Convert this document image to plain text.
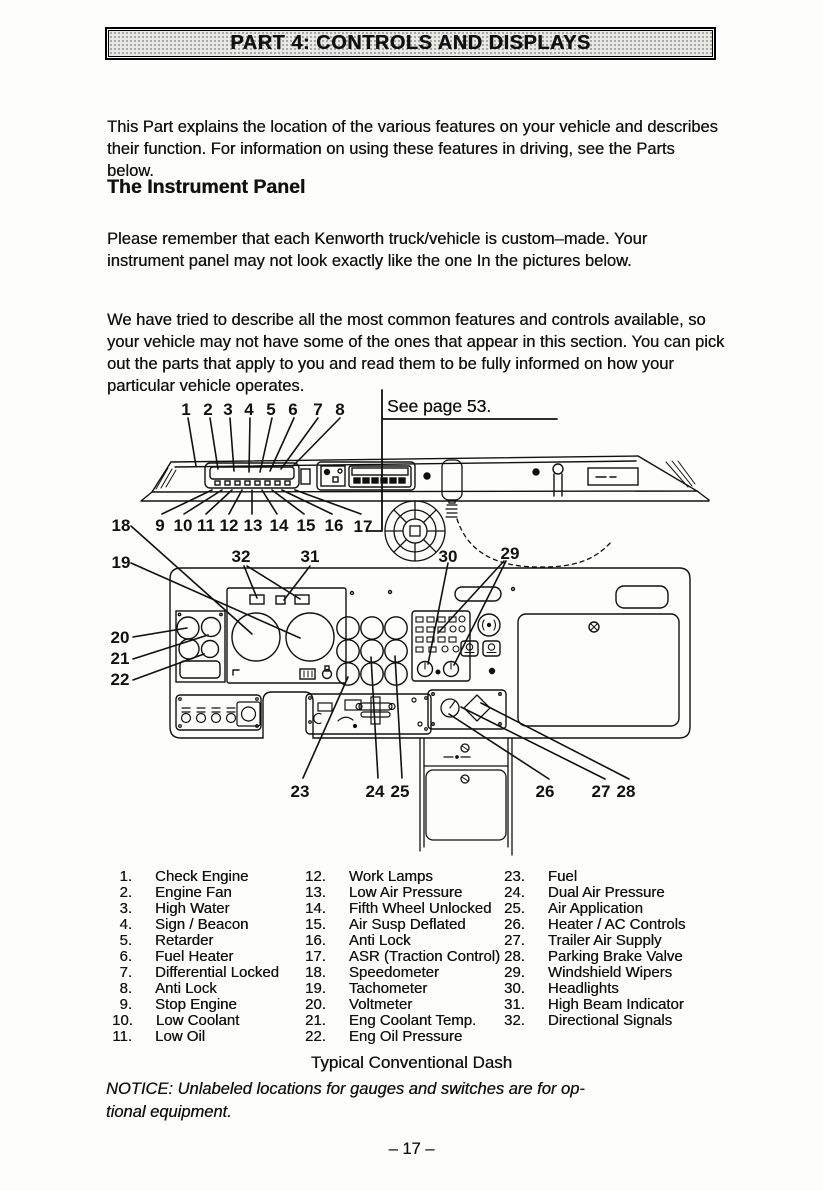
PART 4: CONTROLS AND DISPLAYS

This Part explains the location of the various features on your vehicle and describes their function. For information on using these features in driving, see the Parts below.

The Instrument Panel

Please remember that each Kenworth truck/vehicle is custom–made. Your instrument panel may not look exactly like the one In the pictures below.

We have tried to describe all the most common features and controls available, so your vehicle may not have some of the ones that appear in this section. You can pick out the parts that apply to you and read them to be fully informed on how your particular vehicle operates.

1 2 3 4 5 6 7 8
9 10 11 12 13 14 15 16 17
18
19
20
21
22
23	24 25	26 27 28
29
30
31
32
See page 53.
1. Check Engine
2. Engine Fan
3. High Water
4. Sign / Beacon
5. Retarder
6. Fuel Heater
7. Differential Locked
8. Anti Lock
9. Stop Engine
10. Low Coolant
11. Low Oil
12. Work Lamps
13. Low Air Pressure
14. Fifth Wheel Unlocked
15. Air Susp Deflated
16. Anti Lock
17. ASR (Traction Control)
18. Speedometer
19. Tachometer
20. Voltmeter
21. Eng Coolant Temp.
22. Eng Oil Pressure
23. Fuel
24. Dual Air Pressure
25. Air Application
26. Heater / AC Controls
27. Trailer Air Supply
28. Parking Brake Valve
29. Windshield Wipers
30. Headlights
31. High Beam Indicator
32. Directional Signals
Typical Conventional Dash
NOTICE: Unlabeled locations for gauges and switches are for op-
tional equipment.
– 17 –
